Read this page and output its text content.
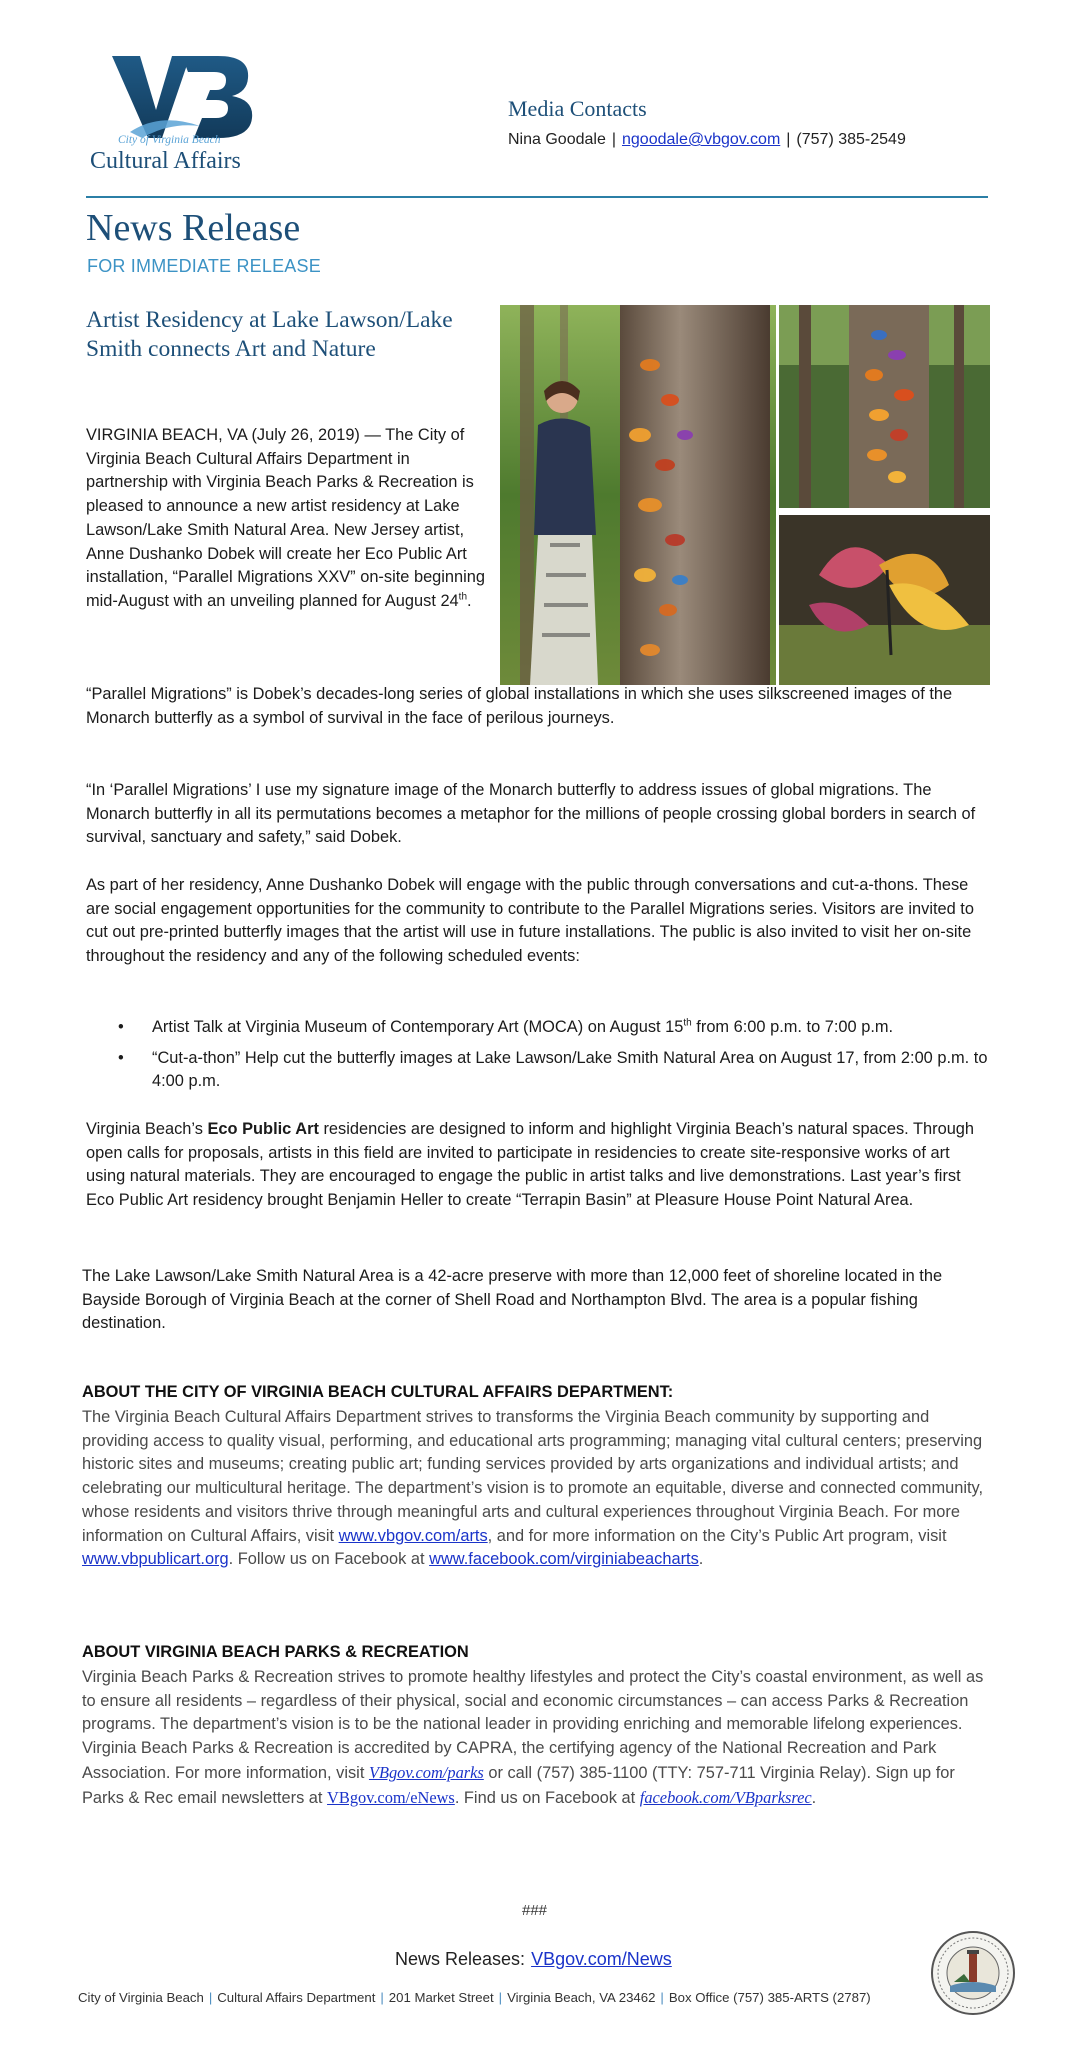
City of Virginia Beach
Cultural Affairs
Media Contacts
Nina Goodale | ngoodale@vbgov.com | (757) 385-2549
News Release
FOR IMMEDIATE RELEASE
Artist Residency at Lake Lawson/Lake Smith connects Art and Nature
VIRGINIA BEACH, VA (July 26, 2019) — The City of Virginia Beach Cultural Affairs Department in partnership with Virginia Beach Parks & Recreation is pleased to announce a new artist residency at Lake Lawson/Lake Smith Natural Area. New Jersey artist, Anne Dushanko Dobek will create her Eco Public Art installation, “Parallel Migrations XXV” on-site beginning mid-August with an unveiling planned for August 24th.
“Parallel Migrations” is Dobek’s decades-long series of global installations in which she uses silkscreened images of the Monarch butterfly as a symbol of survival in the face of perilous journeys.
“In ‘Parallel Migrations’ I use my signature image of the Monarch butterfly to address issues of global migrations. The Monarch butterfly in all its permutations becomes a metaphor for the millions of people crossing global borders in search of survival, sanctuary and safety,” said Dobek.
As part of her residency, Anne Dushanko Dobek will engage with the public through conversations and cut-a-thons. These are social engagement opportunities for the community to contribute to the Parallel Migrations series. Visitors are invited to cut out pre-printed butterfly images that the artist will use in future installations. The public is also invited to visit her on-site throughout the residency and any of the following scheduled events:
• Artist Talk at Virginia Museum of Contemporary Art (MOCA) on August 15th from 6:00 p.m. to 7:00 p.m.
• “Cut-a-thon” Help cut the butterfly images at Lake Lawson/Lake Smith Natural Area on August 17, from 2:00 p.m. to 4:00 p.m.
Virginia Beach’s Eco Public Art residencies are designed to inform and highlight Virginia Beach’s natural spaces. Through open calls for proposals, artists in this field are invited to participate in residencies to create site-responsive works of art using natural materials. They are encouraged to engage the public in artist talks and live demonstrations. Last year’s first Eco Public Art residency brought Benjamin Heller to create “Terrapin Basin” at Pleasure House Point Natural Area.
The Lake Lawson/Lake Smith Natural Area is a 42-acre preserve with more than 12,000 feet of shoreline located in the Bayside Borough of Virginia Beach at the corner of Shell Road and Northampton Blvd. The area is a popular fishing destination.
ABOUT THE CITY OF VIRGINIA BEACH CULTURAL AFFAIRS DEPARTMENT:
The Virginia Beach Cultural Affairs Department strives to transforms the Virginia Beach community by supporting and providing access to quality visual, performing, and educational arts programming; managing vital cultural centers; preserving historic sites and museums; creating public art; funding services provided by arts organizations and individual artists; and celebrating our multicultural heritage. The department’s vision is to promote an equitable, diverse and connected community, whose residents and visitors thrive through meaningful arts and cultural experiences throughout Virginia Beach. For more information on Cultural Affairs, visit www.vbgov.com/arts, and for more information on the City’s Public Art program, visit www.vbpublicart.org. Follow us on Facebook at www.facebook.com/virginiabeacharts.
ABOUT VIRGINIA BEACH PARKS & RECREATION
Virginia Beach Parks & Recreation strives to promote healthy lifestyles and protect the City’s coastal environment, as well as to ensure all residents – regardless of their physical, social and economic circumstances – can access Parks & Recreation programs. The department’s vision is to be the national leader in providing enriching and memorable lifelong experiences. Virginia Beach Parks & Recreation is accredited by CAPRA, the certifying agency of the National Recreation and Park Association. For more information, visit VBgov.com/parks or call (757) 385-1100 (TTY: 757-711 Virginia Relay). Sign up for Parks & Rec email newsletters at VBgov.com/eNews. Find us on Facebook at facebook.com/VBparksrec.
###
News Releases: VBgov.com/News
City of Virginia Beach | Cultural Affairs Department | 201 Market Street | Virginia Beach, VA 23462 | Box Office (757) 385-ARTS (2787)
